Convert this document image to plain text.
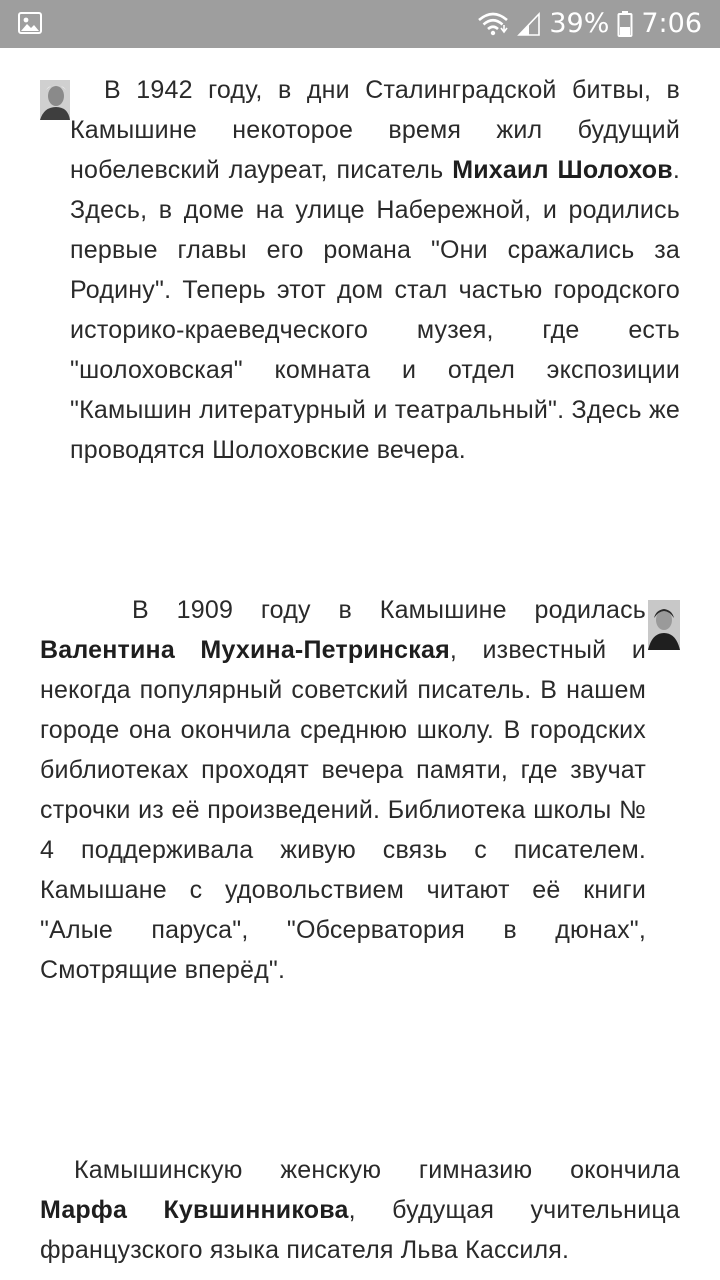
39% 7:06
В 1942 году, в дни Сталинградской битвы, в Камышине некоторое время жил будущий нобелевский лауреат, писатель Михаил Шолохов. Здесь, в доме на улице Набережной, и родились первые главы его романа "Они сражались за Родину". Теперь этот дом стал частью городского историко-краеведческого музея, где есть "шолоховская" комната и отдел экспозиции "Камышин литературный и театральный". Здесь же проводятся Шолоховские вечера.
В 1909 году в Камышине родилась Валентина Мухина-Петринская, известный и некогда популярный советский писатель. В нашем городе она окончила среднюю школу. В городских библиотеках проходят вечера памяти, где звучат строчки из её произведений. Библиотека школы № 4 поддерживала живую связь с писателем. Камышане с удовольствием читают её книги "Алые паруса", "Обсерватория в дюнах", Смотрящие вперёд".
Камышинскую женскую гимназию окончила Марфа Кувшинникова, будущая учительница французского языка писателя Льва Кассиля.
